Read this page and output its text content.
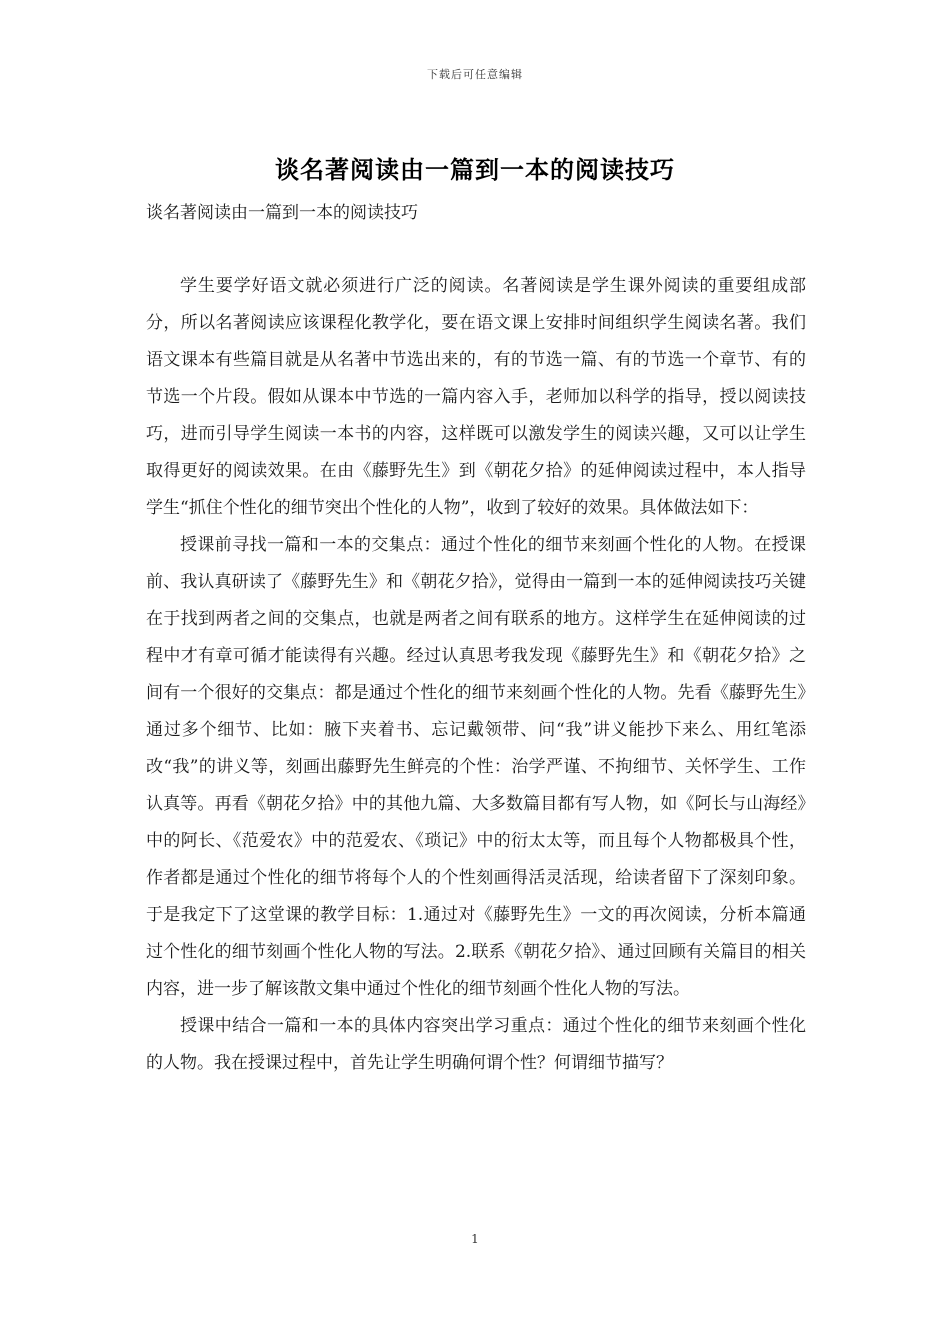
下载后可任意编辑
谈名著阅读由一篇到一本的阅读技巧
谈名著阅读由一篇到一本的阅读技巧

学生要学好语文就必须进行广泛的阅读。名著阅读是学生课外阅读的重要组成部分，所以名著阅读应该课程化教学化，要在语文课上安排时间组织学生阅读名著。我们语文课本有些篇目就是从名著中节选出来的，有的节选一篇、有的节选一个章节、有的节选一个片段。假如从课本中节选的一篇内容入手，老师加以科学的指导，授以阅读技巧，进而引导学生阅读一本书的内容，这样既可以激发学生的阅读兴趣，又可以让学生取得更好的阅读效果。在由《藤野先生》到《朝花夕拾》的延伸阅读过程中，本人指导学生“抓住个性化的细节突出个性化的人物”，收到了较好的效果。具体做法如下：

授课前寻找一篇和一本的交集点：通过个性化的细节来刻画个性化的人物。在授课前、我认真研读了《藤野先生》和《朝花夕拾》，觉得由一篇到一本的延伸阅读技巧关键在于找到两者之间的交集点，也就是两者之间有联系的地方。这样学生在延伸阅读的过程中才有章可循才能读得有兴趣。经过认真思考我发现《藤野先生》和《朝花夕拾》之间有一个很好的交集点：都是通过个性化的细节来刻画个性化的人物。先看《藤野先生》通过多个细节、比如：腋下夹着书、忘记戴领带、问“我”讲义能抄下来么、用红笔添改“我”的讲义等，刻画出藤野先生鲜亮的个性：治学严谨、不拘细节、关怀学生、工作认真等。再看《朝花夕拾》中的其他九篇、大多数篇目都有写人物，如《阿长与山海经》中的阿长、《范爱农》中的范爱农、《琐记》中的衍太太等，而且每个人物都极具个性，作者都是通过个性化的细节将每个人的个性刻画得活灵活现，给读者留下了深刻印象。于是我定下了这堂课的教学目标：1.通过对《藤野先生》一文的再次阅读，分析本篇通过个性化的细节刻画个性化人物的写法。2.联系《朝花夕拾》、通过回顾有关篇目的相关内容，进一步了解该散文集中通过个性化的细节刻画个性化人物的写法。

授课中结合一篇和一本的具体内容突出学习重点：通过个性化的细节来刻画个性化的人物。我在授课过程中，首先让学生明确何谓个性？何谓细节描写？

1
